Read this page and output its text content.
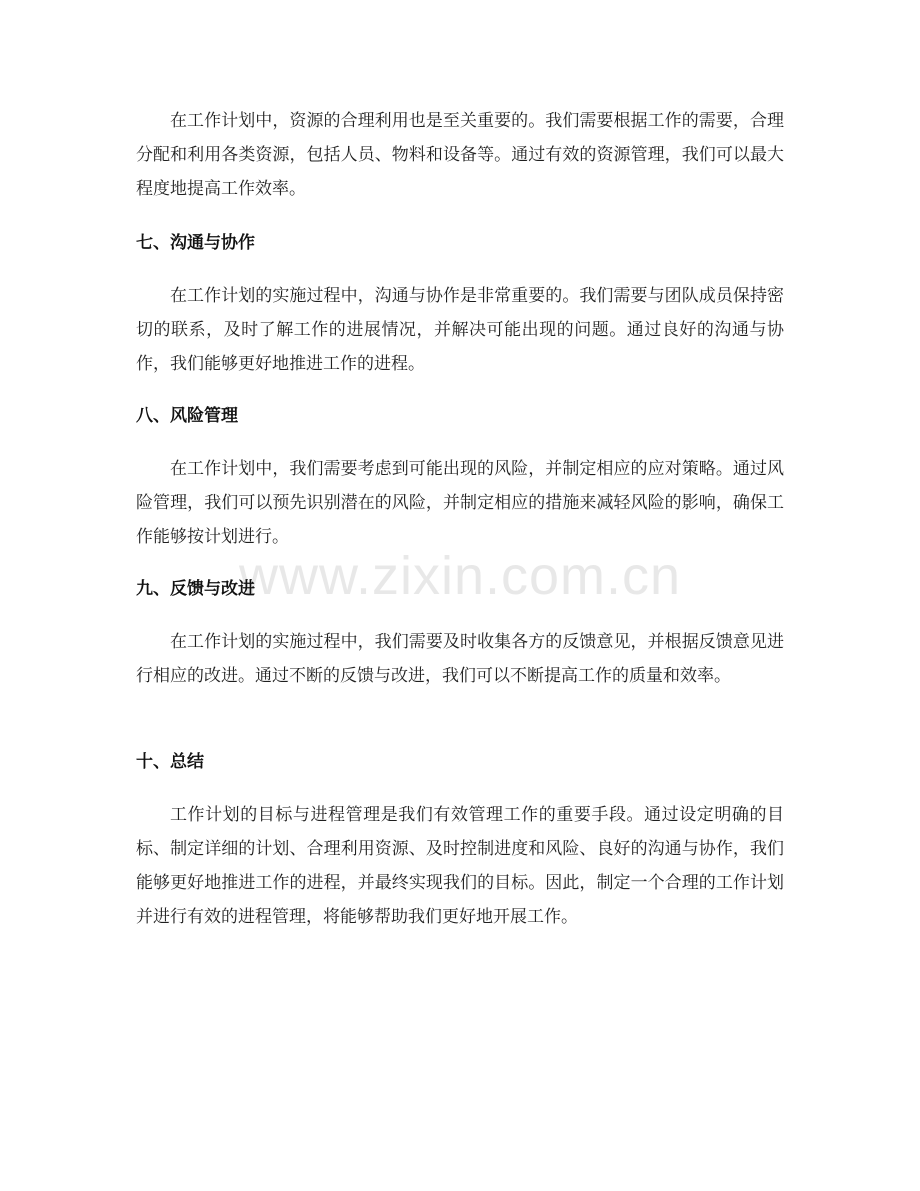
www.zixin.com.cn

在工作计划中，资源的合理利用也是至关重要的。我们需要根据工作的需要，合理分配和利用各类资源，包括人员、物料和设备等。通过有效的资源管理，我们可以最大程度地提高工作效率。

七、沟通与协作

在工作计划的实施过程中，沟通与协作是非常重要的。我们需要与团队成员保持密切的联系，及时了解工作的进展情况，并解决可能出现的问题。通过良好的沟通与协作，我们能够更好地推进工作的进程。

八、风险管理

在工作计划中，我们需要考虑到可能出现的风险，并制定相应的应对策略。通过风险管理，我们可以预先识别潜在的风险，并制定相应的措施来减轻风险的影响，确保工作能够按计划进行。

九、反馈与改进

在工作计划的实施过程中，我们需要及时收集各方的反馈意见，并根据反馈意见进行相应的改进。通过不断的反馈与改进，我们可以不断提高工作的质量和效率。

十、总结

工作计划的目标与进程管理是我们有效管理工作的重要手段。通过设定明确的目标、制定详细的计划、合理利用资源、及时控制进度和风险、良好的沟通与协作，我们能够更好地推进工作的进程，并最终实现我们的目标。因此，制定一个合理的工作计划并进行有效的进程管理，将能够帮助我们更好地开展工作。
